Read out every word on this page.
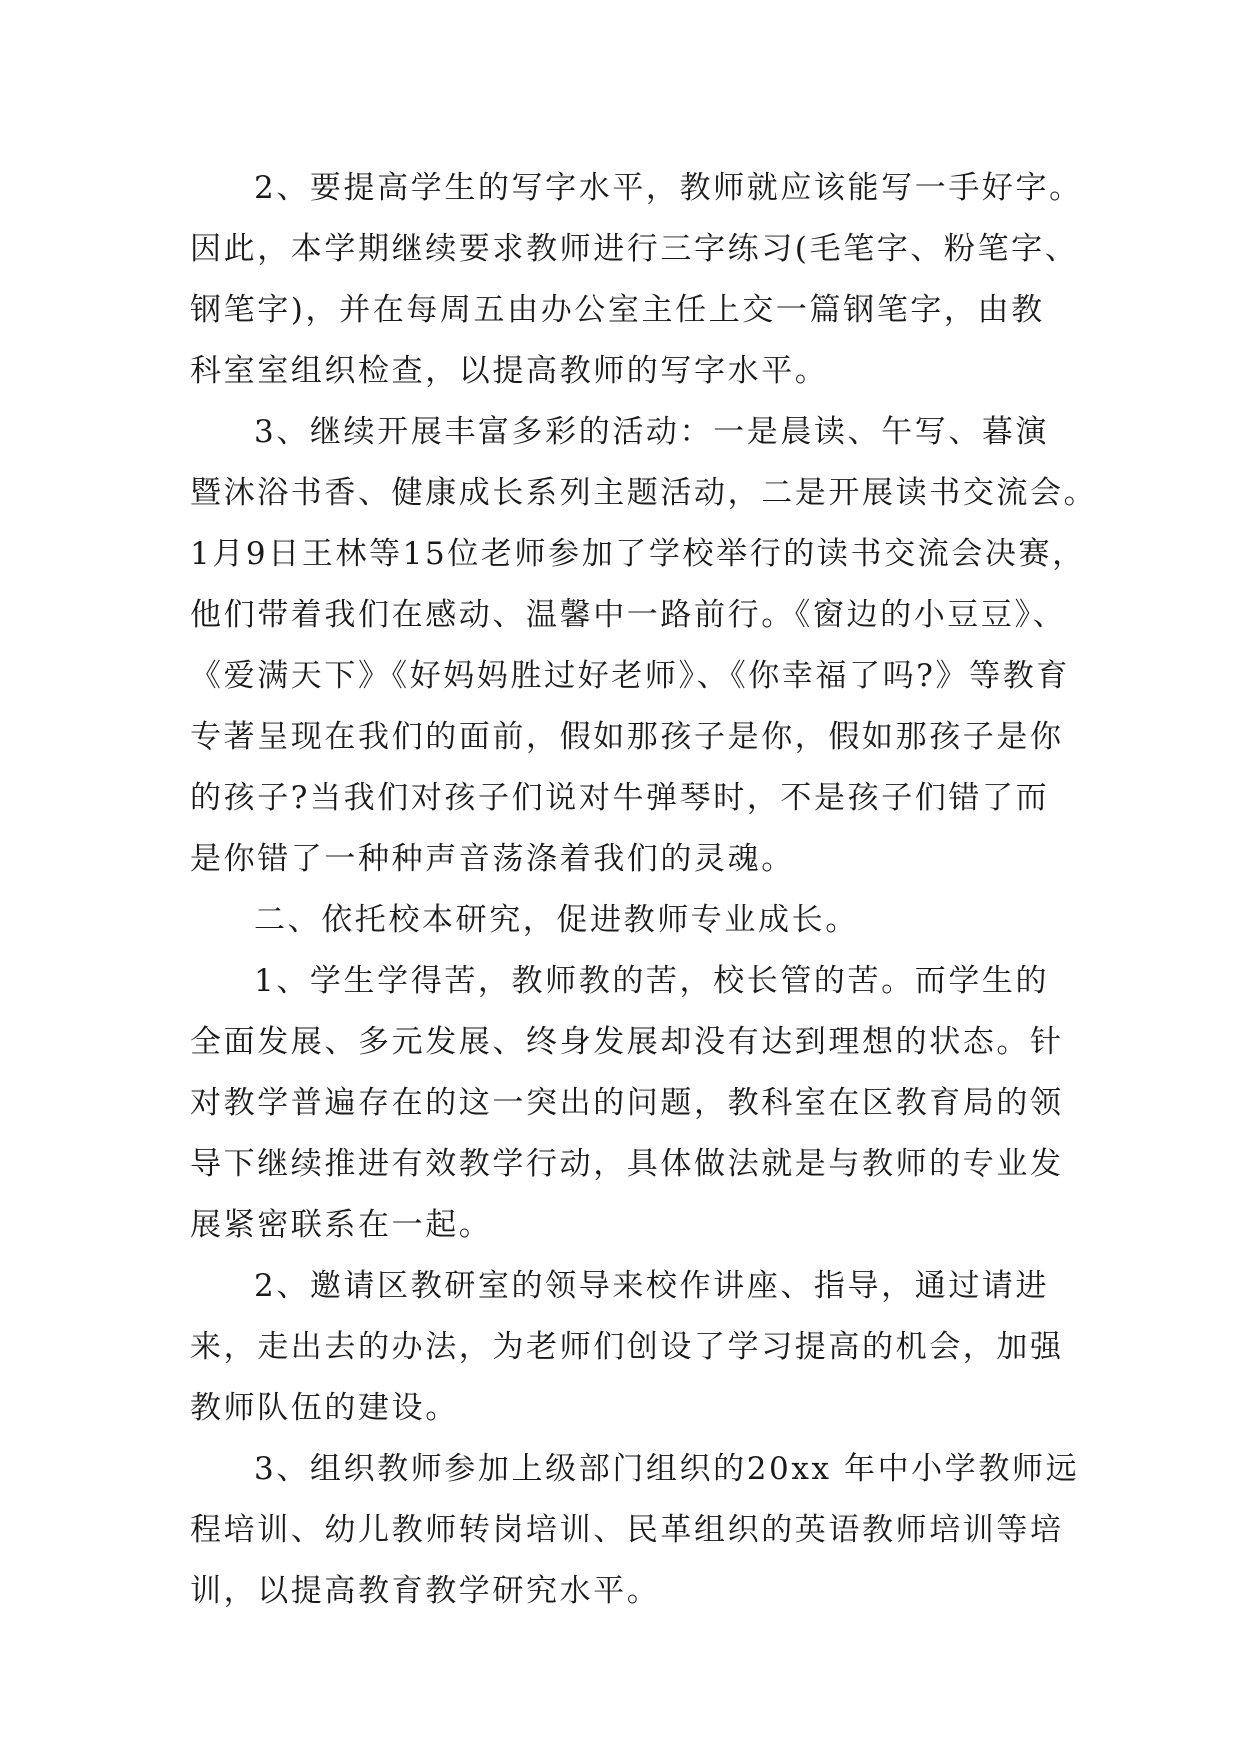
2、要提高学生的写字水平，教师就应该能写一手好字。
因此，本学期继续要求教师进行三字练习(毛笔字、粉笔字、
钢笔字)，并在每周五由办公室主任上交一篇钢笔字，由教
科室室组织检查，以提高教师的写字水平。

3、继续开展丰富多彩的活动：一是晨读、午写、暮演
暨沐浴书香、健康成长系列主题活动，二是开展读书交流会。
1月9日王林等15位老师参加了学校举行的读书交流会决赛，
他们带着我们在感动、温馨中一路前行。《窗边的小豆豆》、
《爱满天下》《好妈妈胜过好老师》、《你幸福了吗?》等教育
专著呈现在我们的面前，假如那孩子是你，假如那孩子是你
的孩子?当我们对孩子们说对牛弹琴时，不是孩子们错了而
是你错了一种种声音荡涤着我们的灵魂。

二、依托校本研究，促进教师专业成长。

1、学生学得苦，教师教的苦，校长管的苦。而学生的
全面发展、多元发展、终身发展却没有达到理想的状态。针
对教学普遍存在的这一突出的问题，教科室在区教育局的领
导下继续推进有效教学行动，具体做法就是与教师的专业发
展紧密联系在一起。

2、邀请区教研室的领导来校作讲座、指导，通过请进
来，走出去的办法，为老师们创设了学习提高的机会，加强
教师队伍的建设。

3、组织教师参加上级部门组织的20xx 年中小学教师远
程培训、幼儿教师转岗培训、民革组织的英语教师培训等培
训，以提高教育教学研究水平。
